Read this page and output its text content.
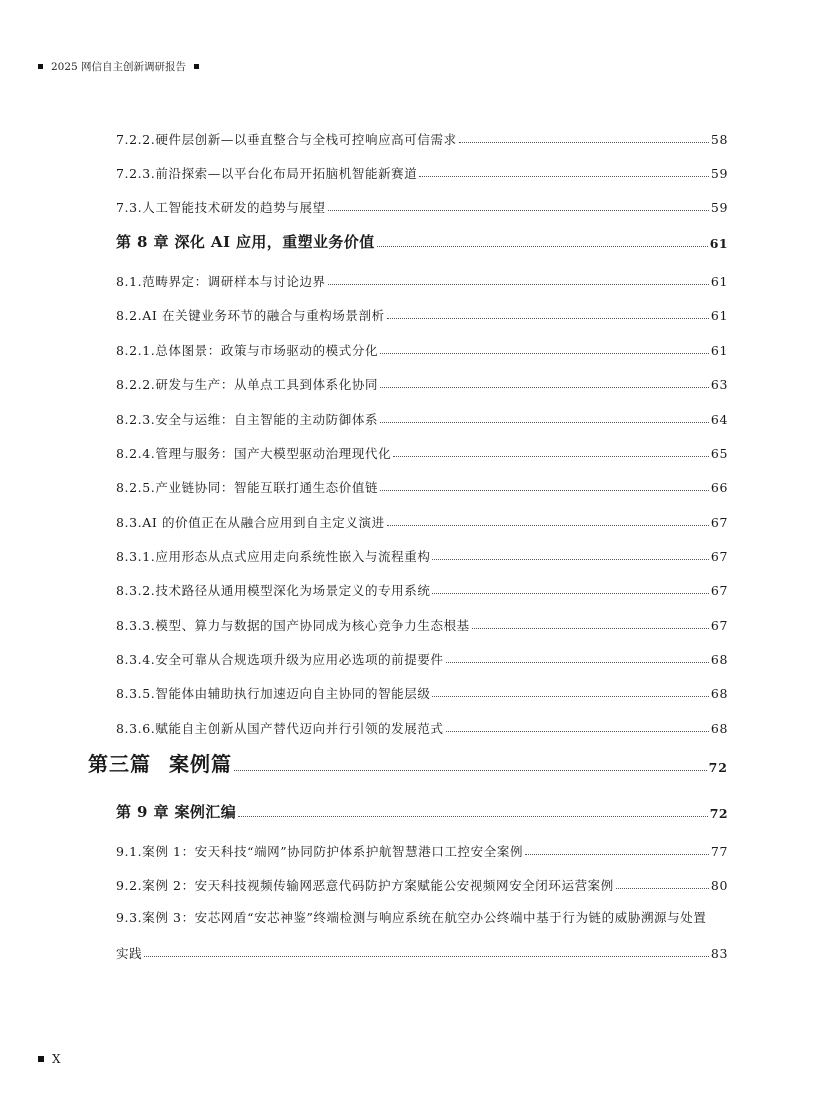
2025 网信自主创新调研报告
7.2.2.硬件层创新—以垂直整合与全栈可控响应高可信需求	58
7.2.3.前沿探索—以平台化布局开拓脑机智能新赛道	59
7.3.人工智能技术研发的趋势与展望	59
第 8 章 深化 AI 应用，重塑业务价值	61
8.1.范畴界定：调研样本与讨论边界	61
8.2.AI 在关键业务环节的融合与重构场景剖析	61
8.2.1.总体图景：政策与市场驱动的模式分化	61
8.2.2.研发与生产：从单点工具到体系化协同	63
8.2.3.安全与运维：自主智能的主动防御体系	64
8.2.4.管理与服务：国产大模型驱动治理现代化	65
8.2.5.产业链协同：智能互联打通生态价值链	66
8.3.AI 的价值正在从融合应用到自主定义演进	67
8.3.1.应用形态从点式应用走向系统性嵌入与流程重构	67
8.3.2.技术路径从通用模型深化为场景定义的专用系统	67
8.3.3.模型、算力与数据的国产协同成为核心竞争力生态根基	67
8.3.4.安全可靠从合规选项升级为应用必选项的前提要件	68
8.3.5.智能体由辅助执行加速迈向自主协同的智能层级	68
8.3.6.赋能自主创新从国产替代迈向并行引领的发展范式	68
第三篇 案例篇	72
第 9 章 案例汇编	72
9.1.案例 1：安天科技“端网”协同防护体系护航智慧港口工控安全案例	77
9.2.案例 2：安天科技视频传输网恶意代码防护方案赋能公安视频网安全闭环运营案例	80
9.3.案例 3：安芯网盾“安芯神鉴”终端检测与响应系统在航空办公终端中基于行为链的威胁溯源与处置
实践	83
X
